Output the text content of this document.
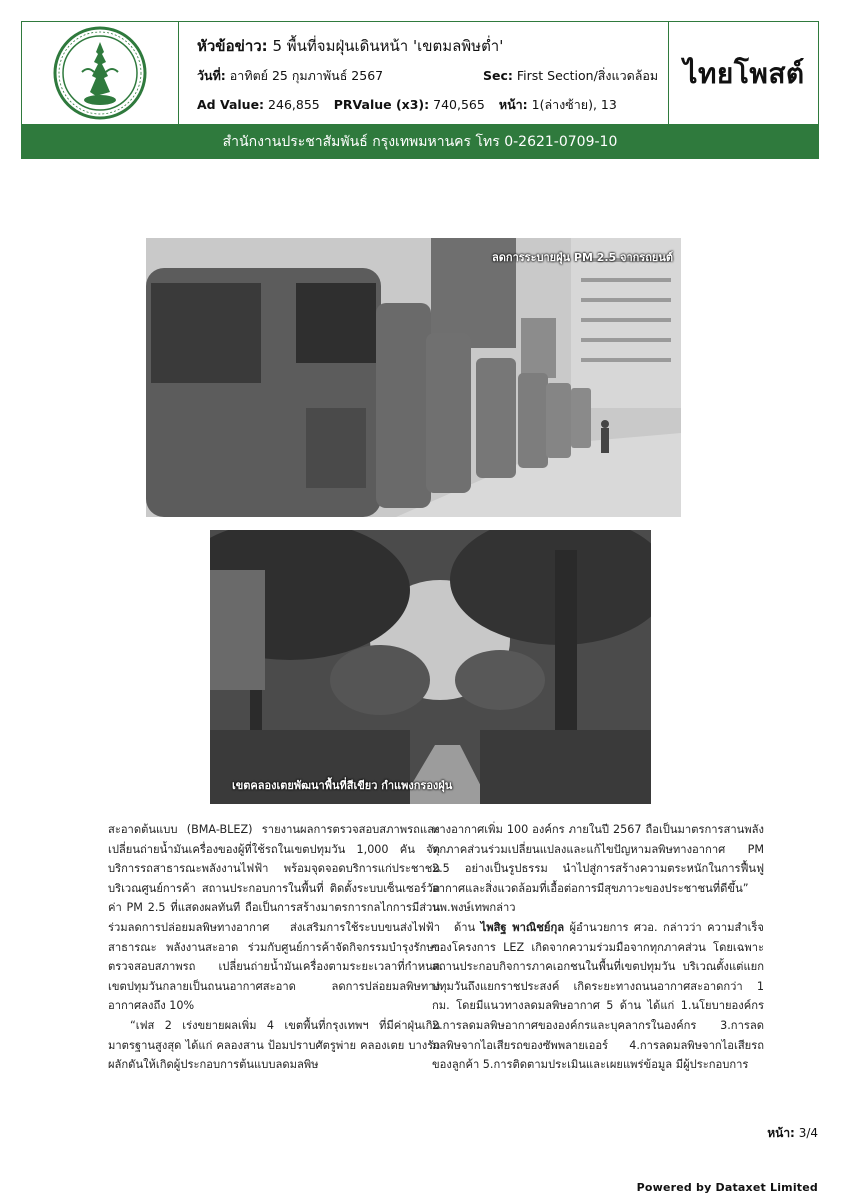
หัวข้อข่าว: 5 พื้นที่จมฝุ่นเดินหน้า 'เขตมลพิษต่ำ'
วันที่: อาทิตย์ 25 กุมภาพันธ์ 2567	Sec: First Section/สิ่งแวดล้อม
Ad Value: 246,855 PRValue (x3): 740,565 หน้า: 1(ล่างซ้าย), 13
ไทยโพสต์
สำนักงานประชาสัมพันธ์ กรุงเทพมหานคร โทร 0-2621-0709-10
ลดการระบายฝุ่น PM 2.5 จากรถยนต์
เขตคลองเตยพัฒนาพื้นที่สีเขียว กำแพงกรองฝุ่น

สะอาดต้นแบบ (BMA-BLEZ) รายงานผลการตรวจสอบสภาพรถและเปลี่ยนถ่ายน้ำมันเครื่องของผู้ที่ใช้รถในเขตปทุมวัน 1,000 คัน จัดบริการรถสาธารณะพลังงานไฟฟ้า พร้อมจุดจอดบริการแก่ประชาชนบริเวณศูนย์การค้า สถานประกอบการในพื้นที่ ติดตั้งระบบเซ็นเซอร์วัดค่า PM 2.5 ที่แสดงผลทันที ถือเป็นการสร้างมาตรการกลไกการมีส่วนร่วมลดการปล่อยมลพิษทางอากาศ ส่งเสริมการใช้ระบบขนส่งไฟฟ้าสาธารณะ พลังงานสะอาด ร่วมกับศูนย์การค้าจัดกิจกรรมบำรุงรักษาตรวจสอบสภาพรถ เปลี่ยนถ่ายน้ำมันเครื่องตามระยะเวลาที่กำหนด เขตปทุมวันกลายเป็นถนนอากาศสะอาด ลดการปล่อยมลพิษทางอากาศลงถึง 10%

“เฟส 2 เร่งขยายผลเพิ่ม 4 เขตพื้นที่กรุงเทพฯ ที่มีค่าฝุ่นเกินมาตรฐานสูงสุด ได้แก่ คลองสาน ป้อมปราบศัตรูพ่าย คลองเตย บางรัก ผลักดันให้เกิดผู้ประกอบการต้นแบบลดมลพิษ

ทางอากาศเพิ่ม 100 องค์กร ภายในปี 2567 ถือเป็นมาตรการสานพลังทุกภาคส่วนร่วมเปลี่ยนแปลงและแก้ไขปัญหามลพิษทางอากาศ PM 2.5 อย่างเป็นรูปธรรม นำไปสู่การสร้างความตระหนักในการฟื้นฟูอากาศและสิ่งแวดล้อมที่เอื้อต่อการมีสุขภาวะของประชาชนที่ดีขึ้น” นพ.พงษ์เทพกล่าว

ด้าน ไพสิฐ พาณิชย์กุล ผู้อำนวยการ ศวอ. กล่าวว่า ความสำเร็จของโครงการ LEZ เกิดจากความร่วมมือจากทุกภาคส่วน โดยเฉพาะสถานประกอบกิจการภาคเอกชนในพื้นที่เขตปทุมวัน บริเวณตั้งแต่แยกปทุมวันถึงแยกราชประสงค์ เกิดระยะทางถนนอากาศสะอาดกว่า 1 กม. โดยมีแนวทางลดมลพิษอากาศ 5 ด้าน ได้แก่ 1.นโยบายองค์กร 2.การลดมลพิษอากาศขององค์กรและบุคลากรในองค์กร 3.การลดมลพิษจากไอเสียรถของซัพพลายเออร์ 4.การลดมลพิษจากไอเสียรถของลูกค้า 5.การติดตามประเมินและเผยแพร่ข้อมูล มีผู้ประกอบการ

หน้า: 3/4
Powered by Dataxet Limited
